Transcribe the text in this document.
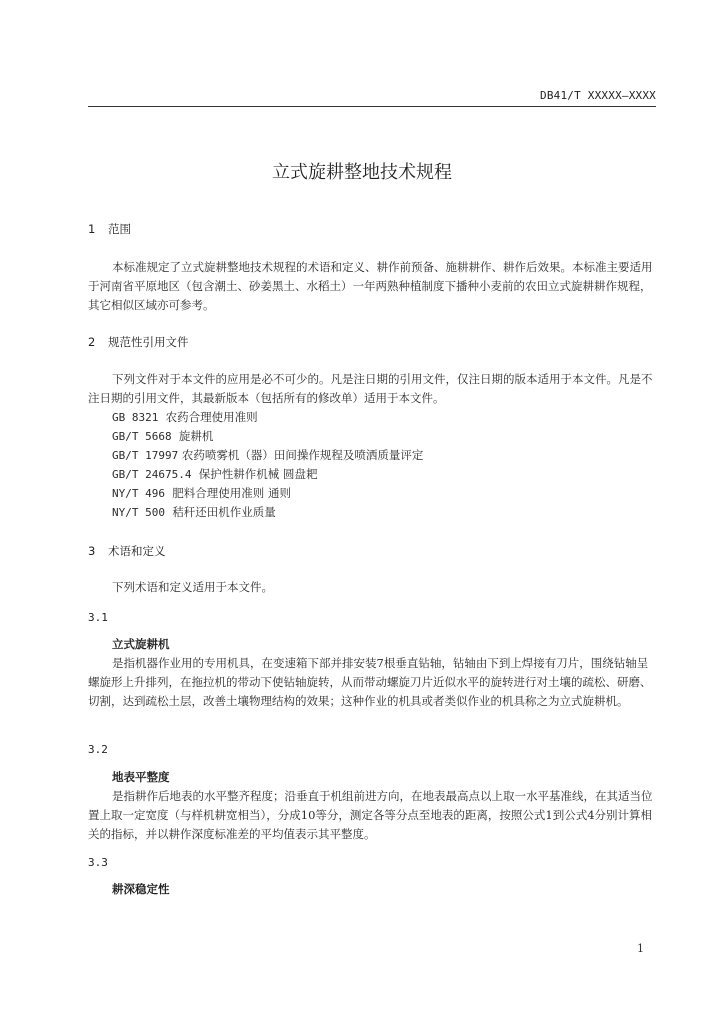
DB41/T XXXXX—XXXX
立式旋耕整地技术规程
1 范围
本标准规定了立式旋耕整地技术规程的术语和定义、耕作前预备、施耕耕作、耕作后效果。本标准主要适用于河南省平原地区（包含潮土、砂姜黑土、水稻土）一年两熟种植制度下播种小麦前的农田立式旋耕耕作规程，其它相似区域亦可参考。
2 规范性引用文件
下列文件对于本文件的应用是必不可少的。凡是注日期的引用文件，仅注日期的版本适用于本文件。凡是不注日期的引用文件，其最新版本（包括所有的修改单）适用于本文件。
GB 8321 农药合理使用准则
GB/T 5668 旋耕机
GB/T 17997 农药喷雾机（器）田间操作规程及喷洒质量评定
GB/T 24675.4 保护性耕作机械 圆盘耙
NY/T 496 肥料合理使用准则 通则
NY/T 500 秸秆还田机作业质量
3 术语和定义
下列术语和定义适用于本文件。
3.1
立式旋耕机
是指机器作业用的专用机具，在变速箱下部并排安装7根垂直钻轴，钻轴由下到上焊接有刀片，围绕钻轴呈螺旋形上升排列，在拖拉机的带动下使钻轴旋转，从而带动螺旋刀片近似水平的旋转进行对土壤的疏松、研磨、切割，达到疏松土层，改善土壤物理结构的效果；这种作业的机具或者类似作业的机具称之为立式旋耕机。
3.2
地表平整度
是指耕作后地表的水平整齐程度；沿垂直于机组前进方向，在地表最高点以上取一水平基准线，在其适当位置上取一定宽度（与样机耕宽相当），分成10等分，测定各等分点至地表的距离，按照公式1到公式4分别计算相关的指标，并以耕作深度标准差的平均值表示其平整度。
3.3
耕深稳定性
1
